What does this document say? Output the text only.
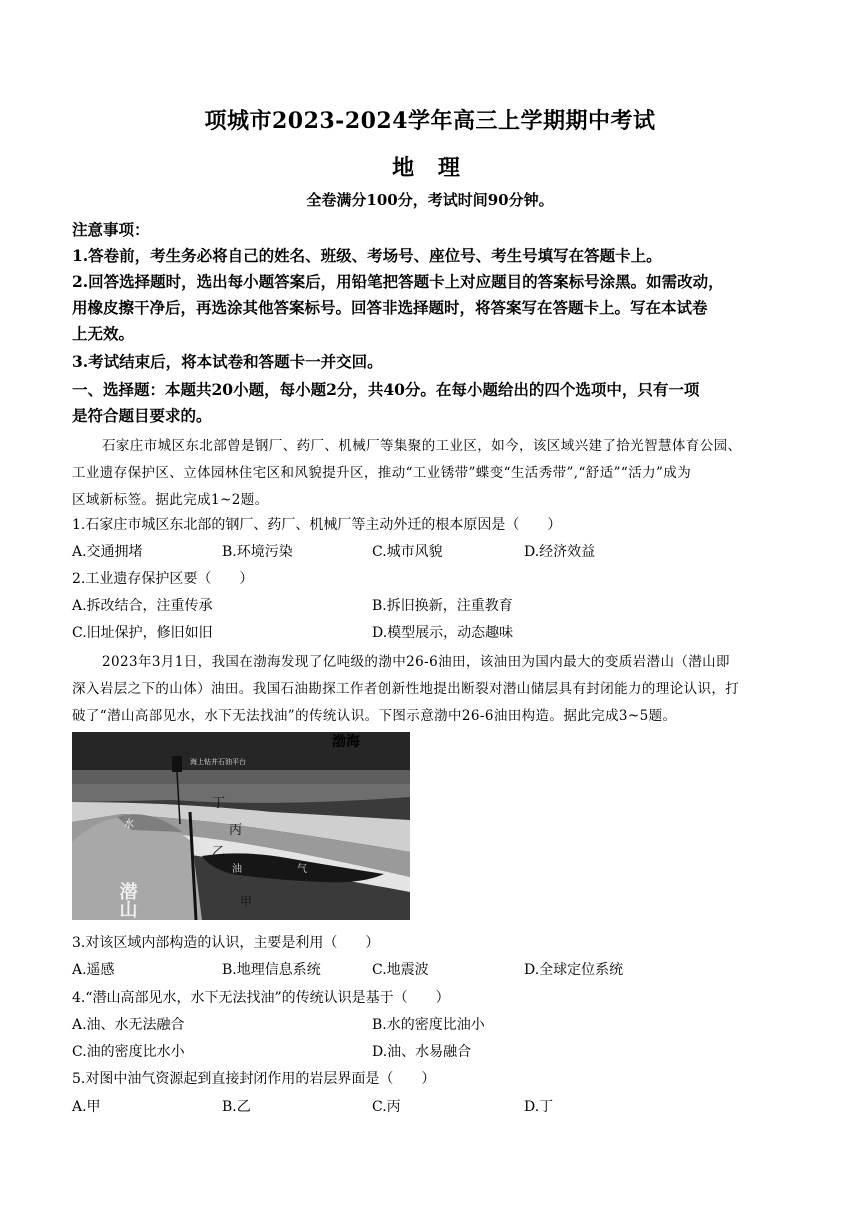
项城市2023-2024学年高三上学期期中考试
地 理
全卷满分100分，考试时间90分钟。
注意事项：
1.答卷前，考生务必将自己的姓名、班级、考场号、座位号、考生号填写在答题卡上。
2.回答选择题时，选出每小题答案后，用铅笔把答题卡上对应题目的答案标号涂黑。如需改动，
用橡皮擦干净后，再选涂其他答案标号。回答非选择题时，将答案写在答题卡上。写在本试卷
上无效。
3.考试结束后，将本试卷和答题卡一并交回。
一、选择题：本题共20小题，每小题2分，共40分。在每小题给出的四个选项中，只有一项
是符合题目要求的。
石家庄市城区东北部曾是钢厂、药厂、机械厂等集聚的工业区，如今，该区域兴建了拾光智慧体育公园、
工业遗存保护区、立体园林住宅区和风貌提升区，推动“工业锈带”蝶变“生活秀带”,“舒适”“活力”成为
区域新标签。据此完成1~2题。
1.石家庄市城区东北部的钢厂、药厂、机械厂等主动外迁的根本原因是（　　）
A.交通拥堵	B.环境污染	C.城市风貌	D.经济效益
2.工业遗存保护区要（　　）
A.拆改结合，注重传承	B.拆旧换新，注重教育
C.旧址保护，修旧如旧	D.模型展示，动态趣味
2023年3月1日，我国在渤海发现了亿吨级的渤中26-6油田，该油田为国内最大的变质岩潜山（潜山即
深入岩层之下的山体）油田。我国石油勘探工作者创新性地提出断裂对潜山储层具有封闭能力的理论认识，打
破了“潜山高部见水，水下无法找油”的传统认识。下图示意渤中26-6油田构造。据此完成3~5题。
海上钻井石油平台
渤海
丁
丙
乙
甲
水
油	气
潜山
3.对该区域内部构造的认识，主要是利用（　　）
A.遥感	B.地理信息系统	C.地震波	D.全球定位系统
4.“潜山高部见水，水下无法找油”的传统认识是基于（　　）
A.油、水无法融合	B.水的密度比油小
C.油的密度比水小	D.油、水易融合
5.对图中油气资源起到直接封闭作用的岩层界面是（　　）
A.甲	B.乙	C.丙	D.丁
